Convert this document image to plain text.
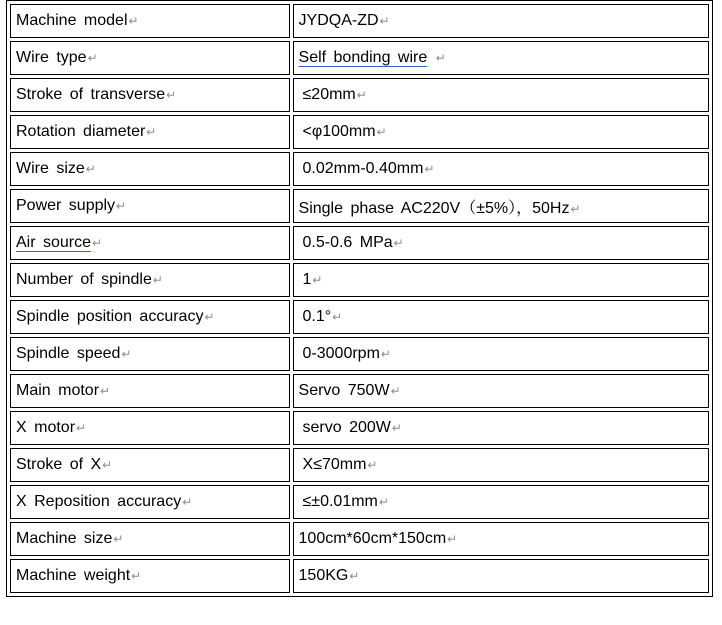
Machine model↵	JYDQA-ZD↵
Wire type↵	Self bonding wire ↵
Stroke of transverse↵	≤20mm↵
Rotation diameter↵	<φ100mm↵
Wire size↵	0.02mm-0.40mm↵
Power supply↵	Single phase AC220V（±5%），50Hz↵
Air source↵	0.5-0.6 MPa↵
Number of spindle↵	1↵
Spindle position accuracy↵	0.1°↵
Spindle speed↵	0-3000rpm↵
Main motor↵	Servo 750W↵
X motor↵	servo 200W↵
Stroke of X↵	X≤70mm↵
X Reposition accuracy↵	≤±0.01mm↵
Machine size↵	100cm*60cm*150cm↵
Machine weight↵	150KG↵
